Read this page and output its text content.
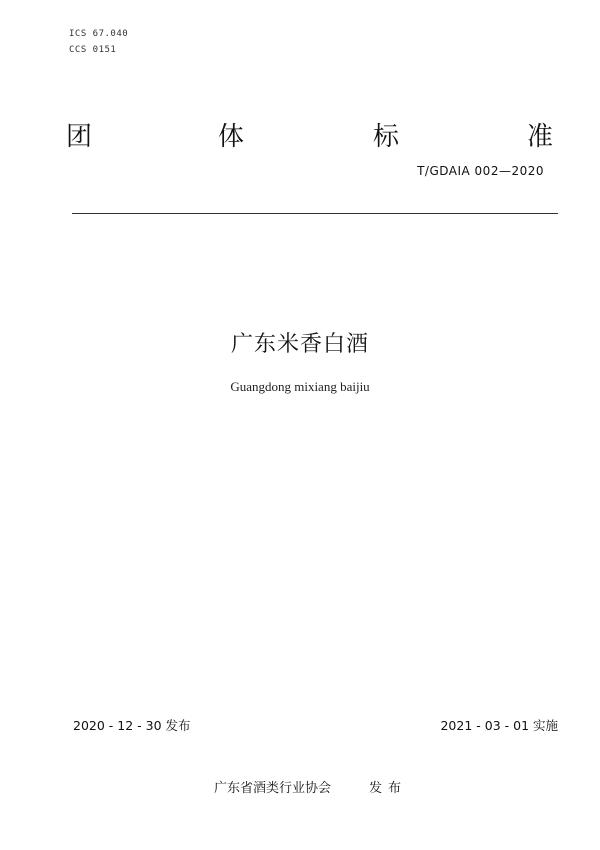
ICS 67.040
CCS 0151
团	体	标	准
T/GDAIA 002—2020
广东米香白酒
Guangdong mixiang baijiu
2020 - 12 - 30 发布	2021 - 03 - 01 实施
广东省酒类行业协会	发布
